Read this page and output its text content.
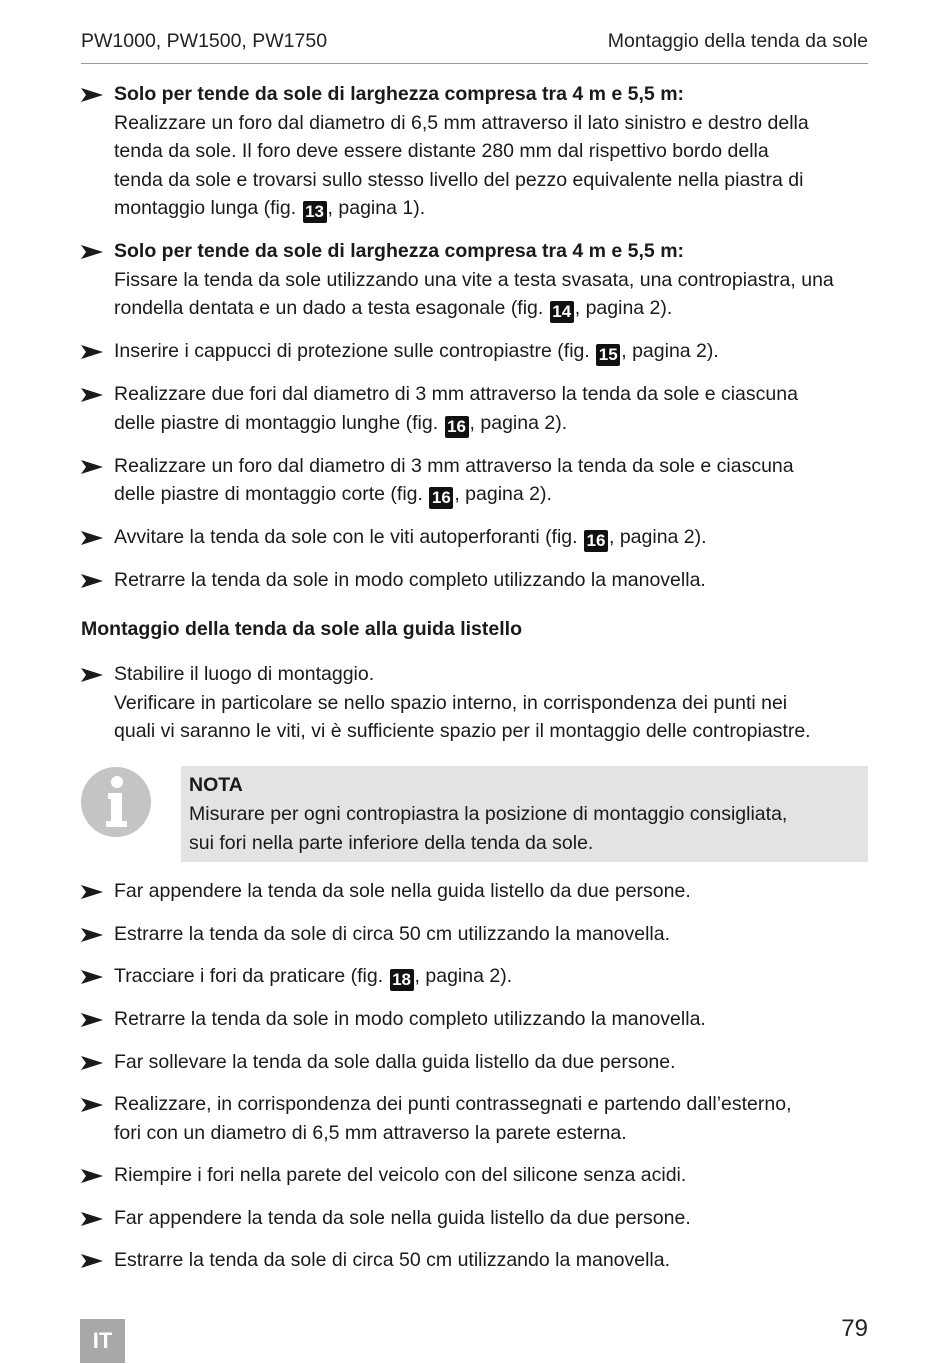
PW1000, PW1500, PW1750	Montaggio della tenda da sole
Solo per tende da sole di larghezza compresa tra 4 m e 5,5 m:
Realizzare un foro dal diametro di 6,5 mm attraverso il lato sinistro e destro della
tenda da sole. Il foro deve essere distante 280 mm dal rispettivo bordo della
tenda da sole e trovarsi sullo stesso livello del pezzo equivalente nella piastra di
montaggio lunga (fig. 13 , pagina 1).
Solo per tende da sole di larghezza compresa tra 4 m e 5,5 m:
Fissare la tenda da sole utilizzando una vite a testa svasata, una contropiastra, una
rondella dentata e un dado a testa esagonale (fig. 14 , pagina 2).
Inserire i cappucci di protezione sulle contropiastre (fig. 15 , pagina 2).
Realizzare due fori dal diametro di 3 mm attraverso la tenda da sole e ciascuna
delle piastre di montaggio lunghe (fig. 16 , pagina 2).
Realizzare un foro dal diametro di 3 mm attraverso la tenda da sole e ciascuna
delle piastre di montaggio corte (fig. 16 , pagina 2).
Avvitare la tenda da sole con le viti autoperforanti (fig. 16 , pagina 2).
Retrarre la tenda da sole in modo completo utilizzando la manovella.
Montaggio della tenda da sole alla guida listello
Stabilire il luogo di montaggio.
Verificare in particolare se nello spazio interno, in corrispondenza dei punti nei
quali vi saranno le viti, vi è sufficiente spazio per il montaggio delle contropiastre.
NOTA
Misurare per ogni contropiastra la posizione di montaggio consigliata,
sui fori nella parte inferiore della tenda da sole.
Far appendere la tenda da sole nella guida listello da due persone.
Estrarre la tenda da sole di circa 50 cm utilizzando la manovella.
Tracciare i fori da praticare (fig. 18 , pagina 2).
Retrarre la tenda da sole in modo completo utilizzando la manovella.
Far sollevare la tenda da sole dalla guida listello da due persone.
Realizzare, in corrispondenza dei punti contrassegnati e partendo dall’esterno,
fori con un diametro di 6,5 mm attraverso la parete esterna.
Riempire i fori nella parete del veicolo con del silicone senza acidi.
Far appendere la tenda da sole nella guida listello da due persone.
Estrarre la tenda da sole di circa 50 cm utilizzando la manovella.
IT	79
